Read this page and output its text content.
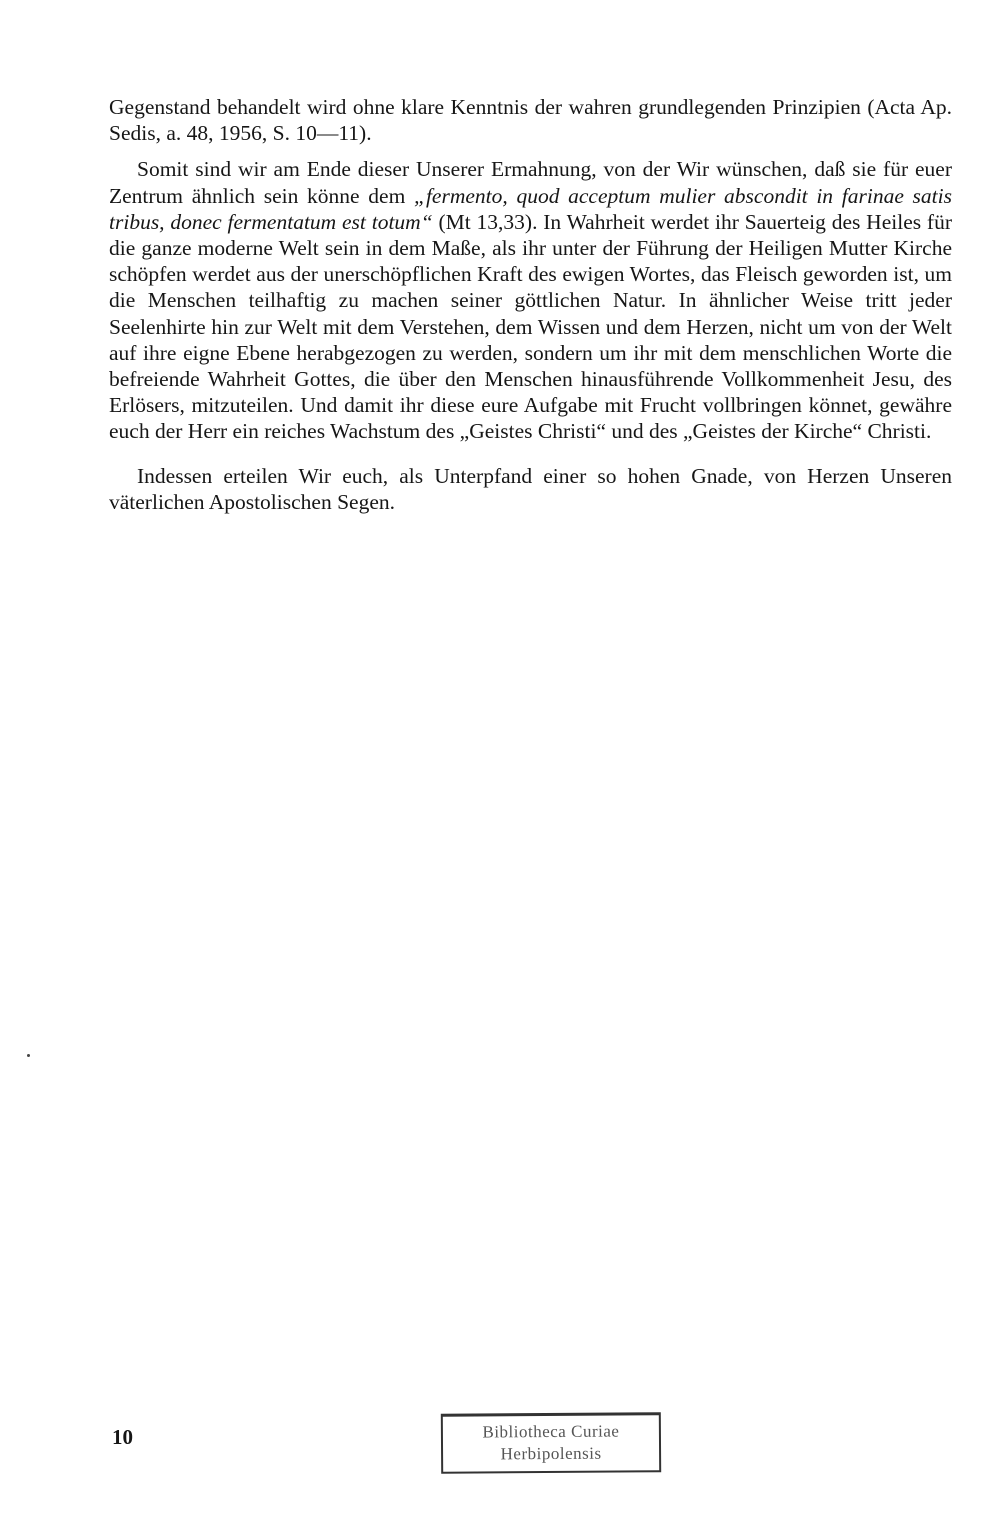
Gegenstand behandelt wird ohne klare Kenntnis der wahren grundlegenden Prinzipien (Acta Ap. Sedis, a. 48, 1956, S. 10—11).

Somit sind wir am Ende dieser Unserer Ermahnung, von der Wir wünschen, daß sie für euer Zentrum ähnlich sein könne dem „fermento, quod acceptum mulier abscondit in farinae satis tribus, donec fermentatum est totum“ (Mt 13,33). In Wahrheit werdet ihr Sauerteig des Heiles für die ganze moderne Welt sein in dem Maße, als ihr unter der Führung der Heiligen Mutter Kirche schöpfen werdet aus der unerschöpflichen Kraft des ewigen Wortes, das Fleisch geworden ist, um die Menschen teilhaftig zu machen seiner göttlichen Natur. In ähnlicher Weise tritt jeder Seelenhirte hin zur Welt mit dem Verstehen, dem Wissen und dem Herzen, nicht um von der Welt auf ihre eigne Ebene herabgezogen zu werden, sondern um ihr mit dem menschlichen Worte die befreiende Wahrheit Gottes, die über den Menschen hinausführende Vollkommenheit Jesu, des Erlösers, mitzuteilen. Und damit ihr diese eure Aufgabe mit Frucht vollbringen könnet, gewähre euch der Herr ein reiches Wachstum des „Geistes Christi“ und des „Geistes der Kirche“ Christi.

Indessen erteilen Wir euch, als Unterpfand einer so hohen Gnade, von Herzen Unseren väterlichen Apostolischen Segen.

10	Bibliotheca Curiae
Herbipolensis
